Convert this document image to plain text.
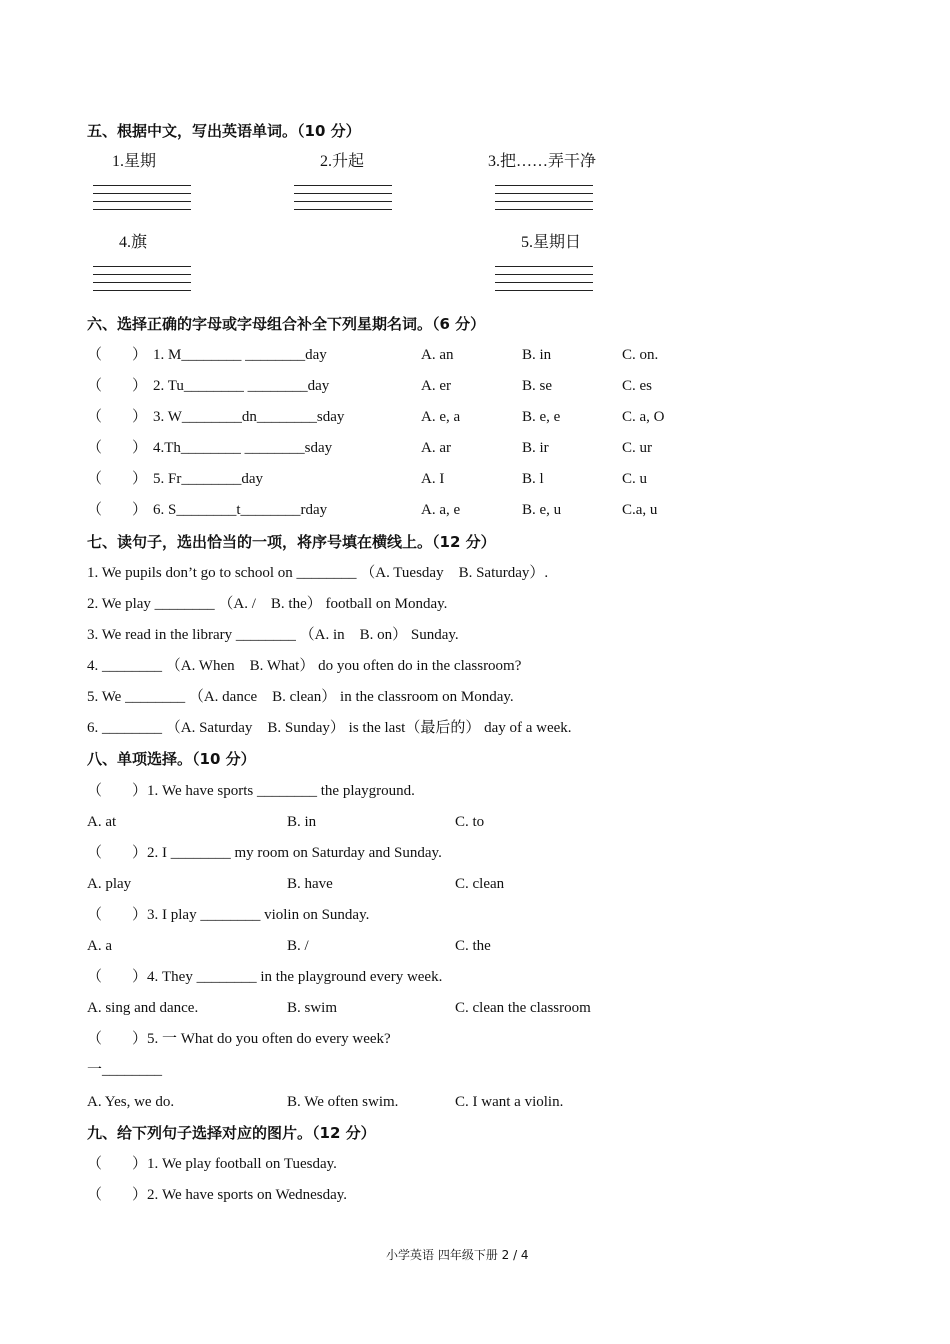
五、根据中文，写出英语单词。（10 分）
1.星期	2.升起	3.把……弄干净
4.旗	5.星期日
六、选择正确的字母或字母组合补全下列星期名词。（6 分）
（　　） 1. M________ ________day	A. an	B. in	C. on.
（　　） 2. Tu________ ________day	A. er	B. se	C. es
（　　） 3. W________dn________sday	A. e, a	B. e, e	C. a, O
（　　） 4.Th________ ________sday	A. ar	B. ir	C. ur
（　　） 5. Fr________day	A. I	B. l	C. u
（　　） 6. S________t________rday	A. a, e	B. e, u	C.a, u
七、读句子，选出恰当的一项，将序号填在横线上。（12 分）
1. We pupils don’t go to school on ________ （A. Tuesday　B. Saturday）.
2. We play ________ （A. /　B. the） football on Monday.
3. We read in the library ________ （A. in　B. on） Sunday.
4. ________ （A. When　B. What） do you often do in the classroom?
5. We ________ （A. dance　B. clean） in the classroom on Monday.
6. ________ （A. Saturday　B. Sunday） is the last（最后的） day of a week.
八、单项选择。（10 分）
（　　）1. We have sports ________ the playground.
A. at	B. in	C. to
（　　）2. I ________ my room on Saturday and Sunday.
A. play	B. have	C. clean
（　　）3. I play ________ violin on Sunday.
A. a	B. /	C. the
（　　）4. They ________ in the playground every week.
A. sing and dance.	B. swim	C. clean the classroom
（　　）5. 一 What do you often do every week?
一________
A. Yes, we do.	B. We often swim.	C. I want a violin.
九、给下列句子选择对应的图片。（12 分）
（　　）1. We play football on Tuesday.
（　　）2. We have sports on Wednesday.
小学英语 四年级下册 2 / 4
